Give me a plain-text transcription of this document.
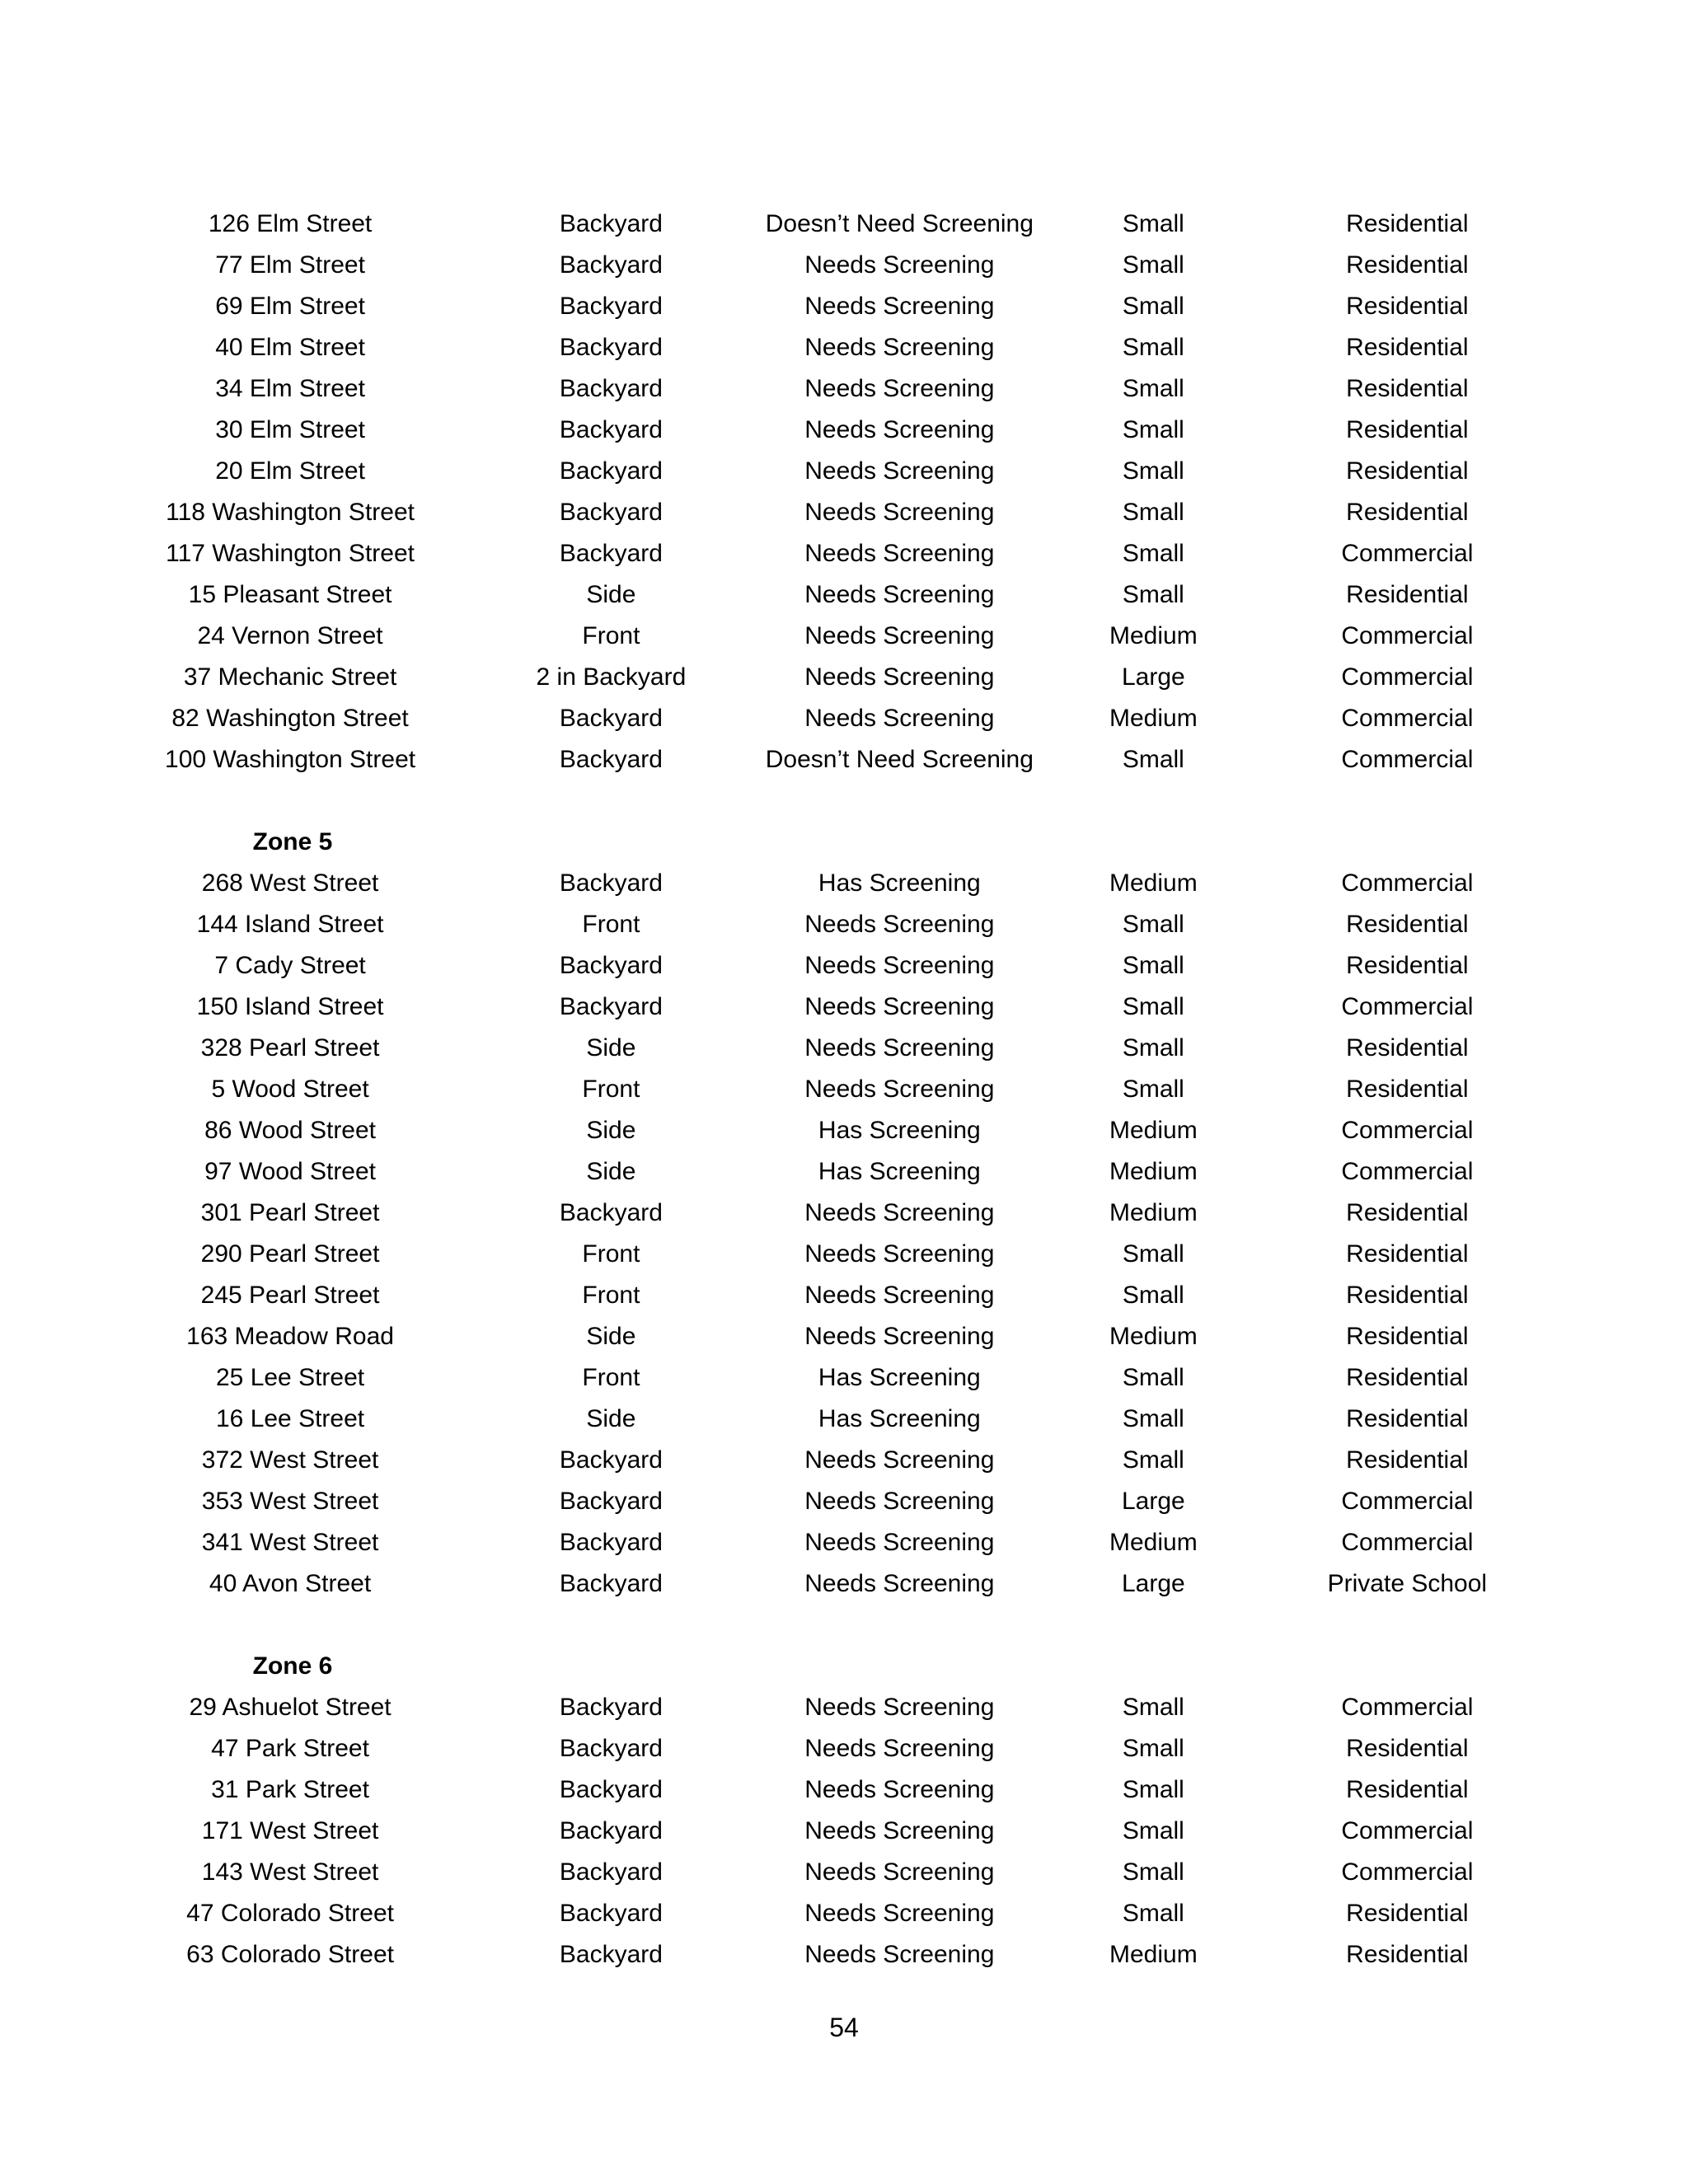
126 Elm Street	Backyard	Doesn’t Need Screening	Small	Residential
77 Elm Street	Backyard	Needs Screening	Small	Residential
69 Elm Street	Backyard	Needs Screening	Small	Residential
40 Elm Street	Backyard	Needs Screening	Small	Residential
34 Elm Street	Backyard	Needs Screening	Small	Residential
30 Elm Street	Backyard	Needs Screening	Small	Residential
20 Elm Street	Backyard	Needs Screening	Small	Residential
118 Washington Street	Backyard	Needs Screening	Small	Residential
117 Washington Street	Backyard	Needs Screening	Small	Commercial
15 Pleasant Street	Side	Needs Screening	Small	Residential
24 Vernon Street	Front	Needs Screening	Medium	Commercial
37 Mechanic Street	2 in Backyard	Needs Screening	Large	Commercial
82 Washington Street	Backyard	Needs Screening	Medium	Commercial
100 Washington Street	Backyard	Doesn’t Need Screening	Small	Commercial
Zone 5
268 West Street	Backyard	Has Screening	Medium	Commercial
144 Island Street	Front	Needs Screening	Small	Residential
7 Cady Street	Backyard	Needs Screening	Small	Residential
150 Island Street	Backyard	Needs Screening	Small	Commercial
328 Pearl Street	Side	Needs Screening	Small	Residential
5 Wood Street	Front	Needs Screening	Small	Residential
86 Wood Street	Side	Has Screening	Medium	Commercial
97 Wood Street	Side	Has Screening	Medium	Commercial
301 Pearl Street	Backyard	Needs Screening	Medium	Residential
290 Pearl Street	Front	Needs Screening	Small	Residential
245 Pearl Street	Front	Needs Screening	Small	Residential
163 Meadow Road	Side	Needs Screening	Medium	Residential
25 Lee Street	Front	Has Screening	Small	Residential
16 Lee Street	Side	Has Screening	Small	Residential
372 West Street	Backyard	Needs Screening	Small	Residential
353 West Street	Backyard	Needs Screening	Large	Commercial
341 West Street	Backyard	Needs Screening	Medium	Commercial
40 Avon Street	Backyard	Needs Screening	Large	Private School
Zone 6
29 Ashuelot Street	Backyard	Needs Screening	Small	Commercial
47 Park Street	Backyard	Needs Screening	Small	Residential
31 Park Street	Backyard	Needs Screening	Small	Residential
171 West Street	Backyard	Needs Screening	Small	Commercial
143 West Street	Backyard	Needs Screening	Small	Commercial
47 Colorado Street	Backyard	Needs Screening	Small	Residential
63 Colorado Street	Backyard	Needs Screening	Medium	Residential
54
